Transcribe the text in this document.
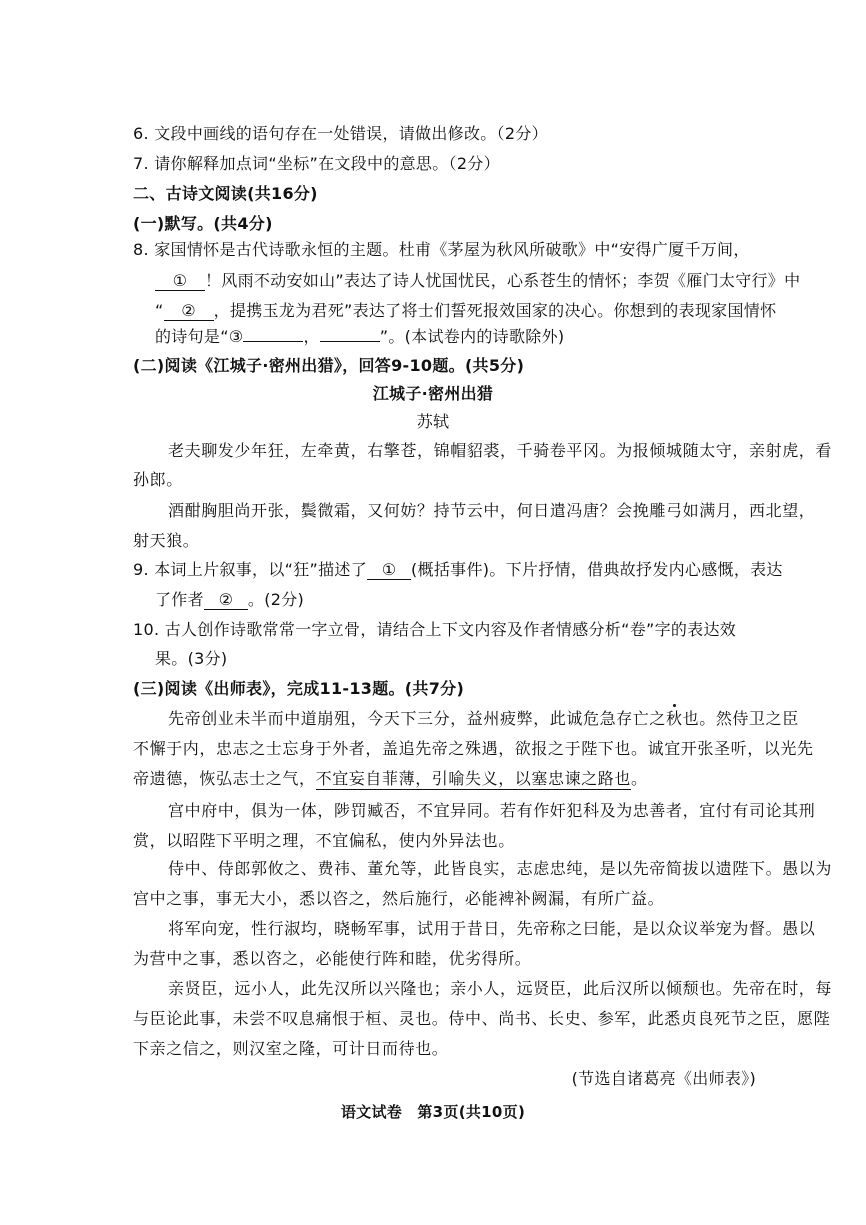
6. 文段中画线的语句存在一处错误，请做出修改。（2分）
7. 请你解释加点词“坐标”在文段中的意思。（2分）
二、古诗文阅读(共16分)
(一)默写。(共4分)
8. 家国情怀是古代诗歌永恒的主题。杜甫《茅屋为秋风所破歌》中“安得广厦千万间，
① ！风雨不动安如山”表达了诗人忧国忧民，心系苍生的情怀；李贺《雁门太守行》中
“ ② ，提携玉龙为君死”表达了将士们誓死报效国家的决心。你想到的表现家国情怀
的诗句是“③	，	”。(本试卷内的诗歌除外)
(二)阅读《江城子·密州出猎》，回答9-10题。(共5分)
江城子·密州出猎
苏轼
老夫聊发少年狂，左牵黄，右擎苍，锦帽貂裘，千骑卷平冈。为报倾城随太守，亲射虎，看
孙郎。
酒酣胸胆尚开张，鬓微霜，又何妨？持节云中，何日遣冯唐？会挽雕弓如满月，西北望，
射天狼。
9. 本词上片叙事，以“狂”描述了 ① (概括事件)。下片抒情，借典故抒发内心感慨，表达
了作者 ② 。(2分)
10. 古人创作诗歌常常一字立骨，请结合上下文内容及作者情感分析“卷”字的表达效
果。(3分)
(三)阅读《出师表》，完成11-13题。(共7分)
先帝创业未半而中道崩殂，今天下三分，益州疲弊，此诚危急存亡之秋也。然侍卫之臣
不懈于内，忠志之士忘身于外者，盖追先帝之殊遇，欲报之于陛下也。诚宜开张圣听，以光先
帝遗德，恢弘志士之气，不宜妄自菲薄，引喻失义，以塞忠谏之路也。
宫中府中，俱为一体，陟罚臧否，不宜异同。若有作奸犯科及为忠善者，宜付有司论其刑
赏，以昭陛下平明之理，不宜偏私，使内外异法也。
侍中、侍郎郭攸之、费祎、董允等，此皆良实，志虑忠纯，是以先帝简拔以遗陛下。愚以为
宫中之事，事无大小，悉以咨之，然后施行，必能裨补阙漏，有所广益。
将军向宠，性行淑均，晓畅军事，试用于昔日，先帝称之曰能，是以众议举宠为督。愚以
为营中之事，悉以咨之，必能使行阵和睦，优劣得所。
亲贤臣，远小人，此先汉所以兴隆也；亲小人，远贤臣，此后汉所以倾颓也。先帝在时，每
与臣论此事，未尝不叹息痛恨于桓、灵也。侍中、尚书、长史、参军，此悉贞良死节之臣，愿陛
下亲之信之，则汉室之隆，可计日而待也。
(节选自诸葛亮《出师表》)
语文试卷　第3页(共10页)
